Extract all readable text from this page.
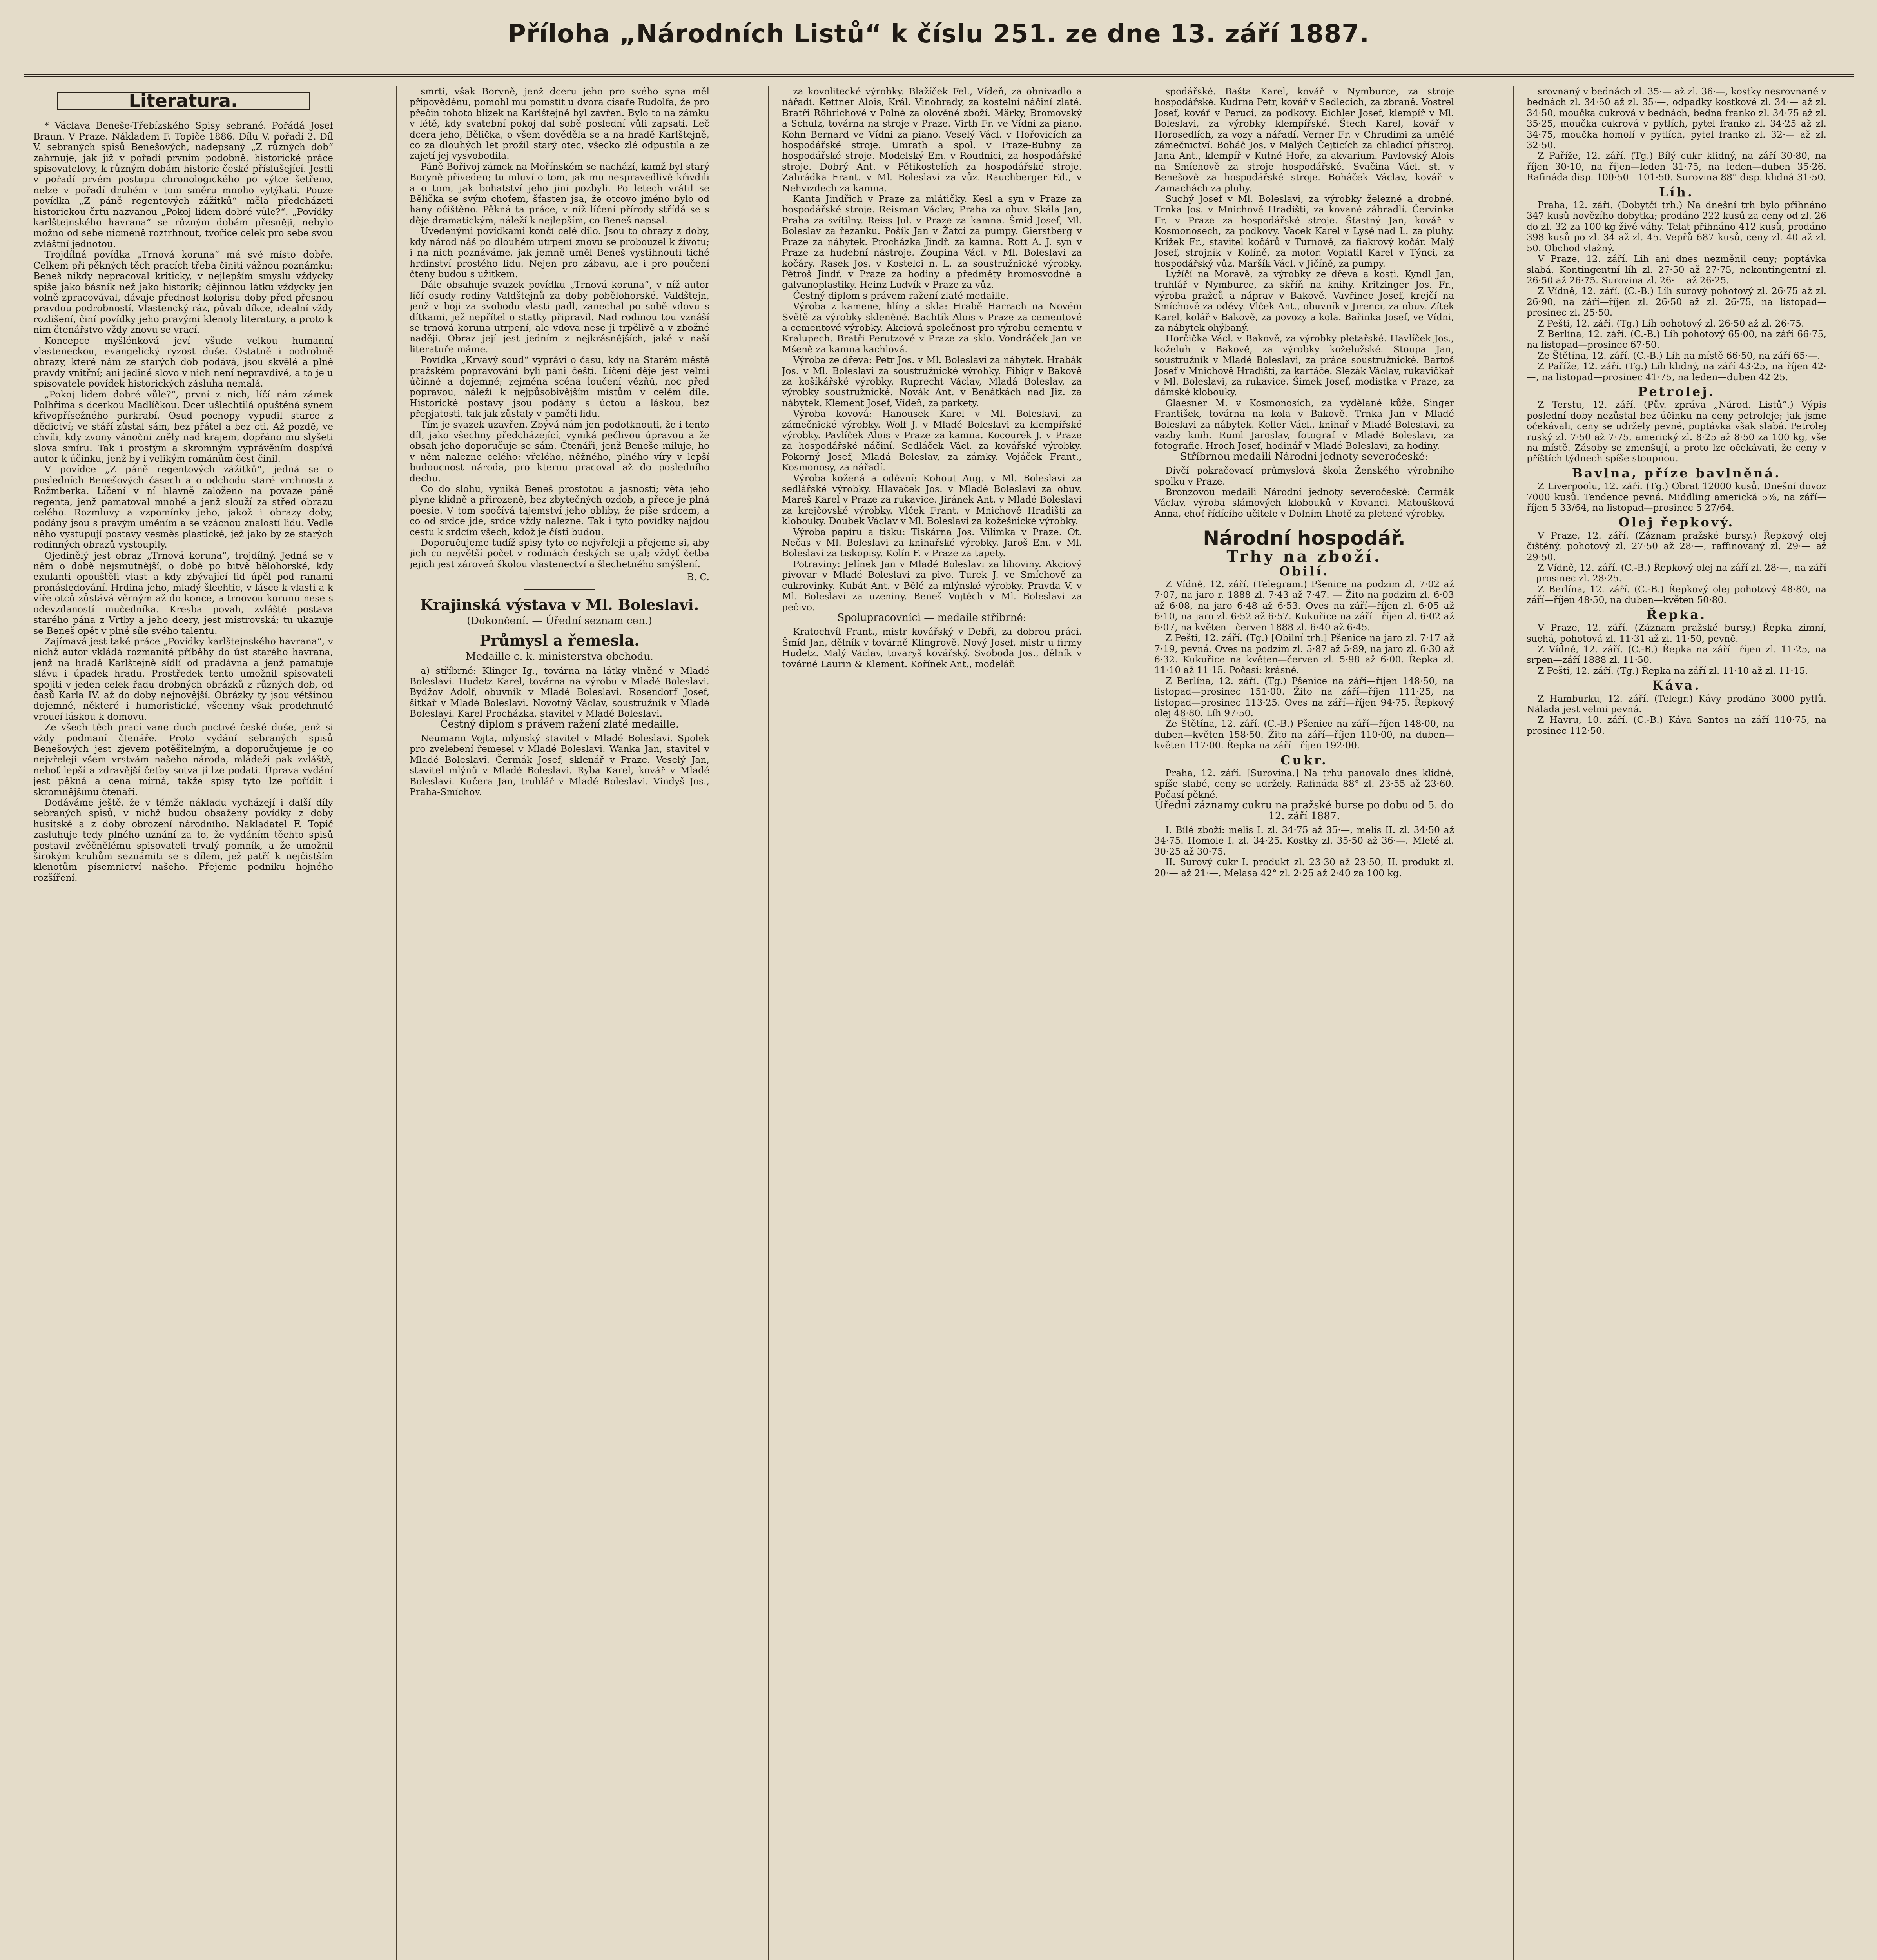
Příloha „Národních Listů“ k číslu 251. ze dne 13. září 1887.
Literatura.

* Václava Beneše-Třebízského Spisy sebrané. Pořádá Josef Braun. V Praze. Nákladem F. Topiče 1886. Dílu V. pořadí 2. Díl V. sebraných spisů Benešových, nadepsaný „Z různých dob“ zahrnuje, jak již v pořadí prvním podobně, historické práce spisovatelovy, k různým dobám historie české příslušející. Jestli v pořadí prvém postupu chronologického po výtce šetřeno, nelze v pořadí druhém v tom směru mnoho vytýkati. Pouze povídka „Z páně regentových zážitků“ měla předcházeti historickou črtu nazvanou „Pokoj lidem dobré vůle?“. „Povídky karlštejnského havrana“ se různým dobám přesněji, nebylo možno od sebe nicméně roztrhnout, tvoříce celek pro sebe svou zvláštní jednotou.

Trojdílná povídka „Trnová koruna“ má své místo dobře. Celkem při pěkných těch pracích třeba činiti vážnou poznámku: Beneš nikdy nepracoval kriticky, v nejlepším smyslu vždycky spíše jako básník než jako historik; dějinnou látku vždycky jen volně zpracovával, dávaje přednost kolorisu doby před přesnou pravdou podrobností. Vlastencký ráz, půvab díkce, idealní vždy rozlišení, činí povídky jeho pravými klenoty literatury, a proto k nim čtenářstvo vždy znovu se vrací.

Koncepce myšlénková jeví všude velkou humanní vlasteneckou, evangelický ryzost duše. Ostatně i podrobně obrazy, které nám ze starých dob podává, jsou skvělé a plné pravdy vnitřní; ani jediné slovo v nich není nepravdivé, a to je u spisovatele povídek historických zásluha nemalá.

„Pokoj lidem dobré vůle?“, první z nich, líčí nám zámek Polhřima s dcerkou Madlíčkou. Dcer ušlechtilá opuštěná synem křivopřísežného purkrabí. Osud pochopy vypudil starce z dědictví; ve stáří zůstal sám, bez přátel a bez cti. Až pozdě, ve chvíli, kdy zvony vánoční zněly nad krajem, dopřáno mu slyšeti slova smíru. Tak i prostým a skromným vyprávěním dospívá autor k účinku, jenž by i velikým románům čest činil.

V povídce „Z páně regentových zážitků“, jedná se o posledních Benešových časech a o odchodu staré vrchnosti z Rožmberka. Líčení v ní hlavně založeno na povaze páně regenta, jenž pamatoval mnohé a jenž slouží za střed obrazu celého. Rozmluvy a vzpomínky jeho, jakož i obrazy doby, podány jsou s pravým uměním a se vzácnou znalostí lidu. Vedle něho vystupují postavy vesměs plastické, jež jako by ze starých rodinných obrazů vystoupily.

Ojedinělý jest obraz „Trnová koruna“, trojdílný. Jedná se v něm o době nejsmutnější, o době po bitvě bělohorské, kdy exulanti opouštěli vlast a kdy zbývající lid úpěl pod ranami pronásledování. Hrdina jeho, mladý šlechtic, v lásce k vlasti a k víře otců zůstává věrným až do konce, a trnovou korunu nese s odevzdaností mučedníka. Kresba povah, zvláště postava starého pána z Vrtby a jeho dcery, jest mistrovská; tu ukazuje se Beneš opět v plné síle svého talentu.

Zajímavá jest také práce „Povídky karlštejnského havrana“, v nichž autor vkládá rozmanité příběhy do úst starého havrana, jenž na hradě Karlštejně sídlí od pradávna a jenž pamatuje slávu i úpadek hradu. Prostředek tento umožnil spisovateli spojiti v jeden celek řadu drobných obrázků z různých dob, od časů Karla IV. až do doby nejnovější. Obrázky ty jsou většinou dojemné, některé i humoristické, všechny však prodchnuté vroucí láskou k domovu.

Ze všech těch prací vane duch poctivé české duše, jenž si vždy podmaní čtenáře. Proto vydání sebraných spisů Benešových jest zjevem potěšitelným, a doporučujeme je co nejvřeleji všem vrstvám našeho národa, mládeži pak zvláště, neboť lepší a zdravější četby sotva jí lze podati. Úprava vydání jest pěkná a cena mírná, takže spisy tyto lze pořídit i skromnějšímu čtenáři.

Dodáváme ještě, že v témže nákladu vycházejí i další díly sebraných spisů, v nichž budou obsaženy povídky z doby husitské a z doby obrození národního. Nakladatel F. Topič zasluhuje tedy plného uznání za to, že vydáním těchto spisů postavil zvěčnělému spisovateli trvalý pomník, a že umožnil širokým kruhům seznámiti se s dílem, jež patří k nejčistším klenotům písemnictví našeho. Přejeme podniku hojného rozšíření.

smrti, však Boryně, jenž dceru jeho pro svého syna měl připovědénu, pomohl mu pomstít u dvora císaře Rudolfa, že pro přečin tohoto blízek na Karlštejně byl zavřen. Bylo to na zámku v létě, kdy svatební pokoj dal sobě poslední vůli zapsati. Leč dcera jeho, Bělička, o všem dověděla se a na hradě Karlštejně, co za dlouhých let prožil starý otec, všecko zlé odpustila a ze zajetí jej vysvobodila.

Páně Bořivoj zámek na Mořínském se nachází, kamž byl starý Boryně přiveden; tu mluví o tom, jak mu nespravedlivě křivdili a o tom, jak bohatství jeho jiní pozbyli. Po letech vrátil se Bělička se svým choťem, šťasten jsa, že otcovo jméno bylo od hany očištěno. Pěkná ta práce, v níž líčení přírody střídá se s děje dramatickým, náleží k nejlepším, co Beneš napsal.

Uvedenými povídkami končí celé dílo. Jsou to obrazy z doby, kdy národ náš po dlouhém utrpení znovu se probouzel k životu; i na nich poznáváme, jak jemně uměl Beneš vystihnouti tiché hrdinství prostého lidu. Nejen pro zábavu, ale i pro poučení čteny budou s užitkem.

Dále obsahuje svazek povídku „Trnová koruna“, v níž autor líčí osudy rodiny Valdštejnů za doby pobělohorské. Valdštejn, jenž v boji za svobodu vlasti padl, zanechal po sobě vdovu s dítkami, jež nepřítel o statky připravil. Nad rodinou tou vznáší se trnová koruna utrpení, ale vdova nese ji trpělivě a v zbožné naději. Obraz její jest jedním z nejkrásnějších, jaké v naší literatuře máme.

Povídka „Krvavý soud“ vypráví o času, kdy na Starém městě pražském popravováni byli páni čeští. Líčení děje jest velmi účinné a dojemné; zejména scéna loučení vězňů, noc před popravou, náleží k nejpůsobivějším místům v celém díle. Historické postavy jsou podány s úctou a láskou, bez přepjatosti, tak jak zůstaly v paměti lidu.

Tím je svazek uzavřen. Zbývá nám jen podotknouti, že i tento díl, jako všechny předcházející, vyniká pečlivou úpravou a že obsah jeho doporučuje se sám. Čtenáři, jenž Beneše miluje, ho v něm nalezne celého: vřelého, něžného, plného víry v lepší budoucnost národa, pro kterou pracoval až do posledního dechu.

Co do slohu, vyniká Beneš prostotou a jasností; věta jeho plyne klidně a přirozeně, bez zbytečných ozdob, a přece je plná poesie. V tom spočívá tajemství jeho obliby, že píše srdcem, a co od srdce jde, srdce vždy nalezne. Tak i tyto povídky najdou cestu k srdcím všech, kdož je čísti budou.

Doporučujeme tudíž spisy tyto co nejvřeleji a přejeme si, aby jich co největší počet v rodinách českých se ujal; vždyť četba jejich jest zároveň školou vlastenectví a šlechetného smýšlení.

B. C.
Krajinská výstava v Ml. Boleslavi.
(Dokončení. — Úřední seznam cen.)
Průmysl a řemesla.
Medaille c. k. ministerstva obchodu.

a) stříbrné: Klinger Ig., továrna na látky vlněné v Mladé Boleslavi. Hudetz Karel, továrna na výrobu v Mladé Boleslavi. Bydžov Adolf, obuvník v Mladé Boleslavi. Rosendorf Josef, šitkař v Mladé Boleslavi. Novotný Václav, soustružník v Mladé Boleslavi. Karel Procházka, stavitel v Mladé Boleslavi.

Čestný diplom s právem ražení zlaté medaille.

Neumann Vojta, mlýnský stavitel v Mladé Boleslavi. Spolek pro zvelebení řemesel v Mladé Boleslavi. Wanka Jan, stavitel v Mladé Boleslavi. Čermák Josef, sklenář v Praze. Veselý Jan, stavitel mlýnů v Mladé Boleslavi. Ryba Karel, kovář v Mladé Boleslavi. Kučera Jan, truhlář v Mladé Boleslavi. Vindyš Jos., Praha-Smíchov.

za kovolitecké výrobky. Blažíček Fel., Vídeň, za obnivadlo a nářadí. Kettner Alois, Král. Vinohrady, za kostelní náčiní zlaté. Bratři Röhrichové v Polné za olověné zboží. Märky, Bromovský a Schulz, továrna na stroje v Praze. Virth Fr. ve Vídni za piano. Kohn Bernard ve Vídni za piano. Veselý Václ. v Hořovicích za hospodářské stroje. Umrath a spol. v Praze-Bubny za hospodářské stroje. Modelský Em. v Roudnici, za hospodářské stroje. Dobrý Ant. v Pětikostelích za hospodářské stroje. Zahrádka Frant. v Ml. Boleslavi za vůz. Rauchberger Ed., v Nehvizdech za kamna.

Kanta Jindřich v Praze za mlátičky. Kesl a syn v Praze za hospodářské stroje. Reisman Václav, Praha za obuv. Skála Jan, Praha za svítilny. Reiss Jul. v Praze za kamna. Šmid Josef, Ml. Boleslav za řezanku. Pošík Jan v Žatci za pumpy. Gierstberg v Praze za nábytek. Procházka Jindř. za kamna. Rott A. J. syn v Praze za hudební nástroje. Zoupina Václ. v Ml. Boleslavi za kočáry. Rasek Jos. v Kostelci n. L. za soustružnické výrobky. Pětroš Jindř. v Praze za hodiny a předměty hromosvodné a galvanoplastiky. Heinz Ludvík v Praze za vůz.

Čestný diplom s právem ražení zlaté medaille.

Výroba z kamene, hlíny a skla: Hrabě Harrach na Novém Světě za výrobky skleněné. Bachtík Alois v Praze za cementové a cementové výrobky. Akciová společnost pro výrobu cementu v Kralupech. Bratři Perutzové v Praze za sklo. Vondráček Jan ve Mšeně za kamna kachlová.

Výroba ze dřeva: Petr Jos. v Ml. Boleslavi za nábytek. Hrabák Jos. v Ml. Boleslavi za soustružnické výrobky. Fibigr v Bakově za košíkářské výrobky. Ruprecht Václav, Mladá Boleslav, za výrobky soustružnické. Novák Ant. v Benátkách nad Jiz. za nábytek. Klement Josef, Vídeň, za parkety.

Výroba kovová: Hanousek Karel v Ml. Boleslavi, za zámečnické výrobky. Wolf J. v Mladé Boleslavi za klempířské výrobky. Pavlíček Alois v Praze za kamna. Kocourek J. v Praze za hospodářské náčiní. Sedláček Václ. za kovářské výrobky. Pokorný Josef, Mladá Boleslav, za zámky. Vojáček Frant., Kosmonosy, za nářadí.

Výroba kožená a oděvní: Kohout Aug. v Ml. Boleslavi za sedlářské výrobky. Hlaváček Jos. v Mladé Boleslavi za obuv. Mareš Karel v Praze za rukavice. Jiránek Ant. v Mladé Boleslavi za krejčovské výrobky. Vlček Frant. v Mnichově Hradišti za klobouky. Doubek Václav v Ml. Boleslavi za kožešnické výrobky.

Výroba papíru a tisku: Tiskárna Jos. Vilímka v Praze. Ot. Nečas v Ml. Boleslavi za knihařské výrobky. Jaroš Em. v Ml. Boleslavi za tiskopisy. Kolín F. v Praze za tapety.

Potraviny: Jelínek Jan v Mladé Boleslavi za lihoviny. Akciový pivovar v Mladé Boleslavi za pivo. Turek J. ve Smíchově za cukrovinky. Kubát Ant. v Bělé za mlýnské výrobky. Pravda V. v Ml. Boleslavi za uzeniny. Beneš Vojtěch v Ml. Boleslavi za pečivo.

Spolupracovníci — medaile stříbrné:

Kratochvíl Frant., mistr kovářský v Debři, za dobrou práci. Šmíd Jan, dělník v továrně Klingrově. Nový Josef, mistr u firmy Hudetz. Malý Václav, tovaryš kovářský. Svoboda Jos., dělník v továrně Laurin & Klement. Kořínek Ant., modelář.

spodářské. Bašta Karel, kovář v Nymburce, za stroje hospodářské. Kudrna Petr, kovář v Sedlecích, za zbraně. Vostrel Josef, kovář v Peruci, za podkovy. Eichler Josef, klempíř v Ml. Boleslavi, za výrobky klempířské. Štech Karel, kovář v Horosedlích, za vozy a nářadí. Verner Fr. v Chrudimi za umělé zámečnictví. Boháč Jos. v Malých Čejticích za chladicí přístroj. Jana Ant., klempíř v Kutné Hoře, za akvarium. Pavlovský Alois na Smíchově za stroje hospodářské. Svačina Václ. st. v Benešově za hospodářské stroje. Boháček Václav, kovář v Zamachách za pluhy.

Suchý Josef v Ml. Boleslavi, za výrobky železné a drobné. Trnka Jos. v Mnichově Hradišti, za kované zábradlí. Červinka Fr. v Praze za hospodářské stroje. Šťastný Jan, kovář v Kosmonosech, za podkovy. Vacek Karel v Lysé nad L. za pluhy. Krížek Fr., stavitel kočárů v Turnově, za fiakrový kočár. Malý Josef, strojník v Kolíně, za motor. Voplatil Karel v Týnci, za hospodářský vůz. Maršík Václ. v Jičíně, za pumpy.

Lyžíčí na Moravě, za výrobky ze dřeva a kosti. Kyndl Jan, truhlář v Nymburce, za skříň na knihy. Kritzinger Jos. Fr., výroba pražců a náprav v Bakově. Vavřinec Josef, krejčí na Smíchově za oděvy. Vlček Ant., obuvník v Jirenci, za obuv. Zítek Karel, kolář v Bakově, za povozy a kola. Bařinka Josef, ve Vídni, za nábytek ohýbaný.

Horčička Václ. v Bakově, za výrobky pletařské. Havlíček Jos., koželuh v Bakově, za výrobky koželužské. Stoupa Jan, soustružník v Mladé Boleslavi, za práce soustružnické. Bartoš Josef v Mnichově Hradišti, za kartáče. Slezák Václav, rukavičkář v Ml. Boleslavi, za rukavice. Šimek Josef, modistka v Praze, za dámské klobouky.

Glaesner M. v Kosmonosích, za vydělané kůže. Singer František, továrna na kola v Bakově. Trnka Jan v Mladé Boleslavi za nábytek. Koller Václ., knihař v Mladé Boleslavi, za vazby knih. Ruml Jaroslav, fotograf v Mladé Boleslavi, za fotografie. Hroch Josef, hodinář v Mladé Boleslavi, za hodiny.

Stříbrnou medaili Národní jednoty severočeské:

Dívčí pokračovací průmyslová škola Ženského výrobního spolku v Praze.

Bronzovou medaili Národní jednoty severočeské: Čermák Václav, výroba slámových klobouků v Kovanci. Matoušková Anna, choť řídícího učitele v Dolním Lhotě za pletené výrobky.

Národní hospodář.
Trhy na zboží.
Obilí.

Z Vídně, 12. září. (Telegram.) Pšenice na podzim zl. 7·02 až 7·07, na jaro r. 1888 zl. 7·43 až 7·47. — Žito na podzim zl. 6·03 až 6·08, na jaro 6·48 až 6·53. Oves na září—říjen zl. 6·05 až 6·10, na jaro zl. 6·52 až 6·57. Kukuřice na září—říjen zl. 6·02 až 6·07, na květen—červen 1888 zl. 6·40 až 6·45.

Z Pešti, 12. září. (Tg.) [Obilní trh.] Pšenice na jaro zl. 7·17 až 7·19, pevná. Oves na podzim zl. 5·87 až 5·89, na jaro zl. 6·30 až 6·32. Kukuřice na květen—červen zl. 5·98 až 6·00. Řepka zl. 11·10 až 11·15. Počasí: krásné.

Z Berlína, 12. září. (Tg.) Pšenice na září—říjen 148·50, na listopad—prosinec 151·00. Žito na září—říjen 111·25, na listopad—prosinec 113·25. Oves na září—říjen 94·75. Řepkový olej 48·80. Líh 97·50.

Ze Štětína, 12. září. (C.-B.) Pšenice na září—říjen 148·00, na duben—květen 158·50. Žito na září—říjen 110·00, na duben—květen 117·00. Řepka na září—říjen 192·00.

Cukr.

Praha, 12. září. [Surovina.] Na trhu panovalo dnes klidné, spíše slabé, ceny se udržely. Rafináda 88° zl. 23·55 až 23·60. Počasí pěkné.

Úřední záznamy cukru na pražské burse po dobu od 5. do 12. září 1887.

I. Bílé zboží: melis I. zl. 34·75 až 35·—, melis II. zl. 34·50 až 34·75. Homole I. zl. 34·25. Kostky zl. 35·50 až 36·—. Mleté zl. 30·25 až 30·75.

II. Surový cukr I. produkt zl. 23·30 až 23·50, II. produkt zl. 20·— až 21·—. Melasa 42° zl. 2·25 až 2·40 za 100 kg.

srovnaný v bednách zl. 35·— až zl. 36·—, kostky nesrovnané v bednách zl. 34·50 až zl. 35·—, odpadky kostkové zl. 34·— až zl. 34·50, moučka cukrová v bednách, bedna franko zl. 34·75 až zl. 35·25, moučka cukrová v pytlích, pytel franko zl. 34·25 až zl. 34·75, moučka homolí v pytlích, pytel franko zl. 32·— až zl. 32·50.

Z Paříže, 12. září. (Tg.) Bílý cukr klidný, na září 30·80, na říjen 30·10, na říjen—leden 31·75, na leden—duben 35·26. Rafináda disp. 100·50—101·50. Surovina 88° disp. klidná 31·50.

Líh.

Praha, 12. září. (Dobytčí trh.) Na dnešní trh bylo přihnáno 347 kusů hovězího dobytka; prodáno 222 kusů za ceny od zl. 26 do zl. 32 za 100 kg živé váhy. Telat přihnáno 412 kusů, prodáno 398 kusů po zl. 34 až zl. 45. Vepřů 687 kusů, ceny zl. 40 až zl. 50. Obchod vlažný.

V Praze, 12. září. Lih ani dnes nezměnil ceny; poptávka slabá. Kontingentní líh zl. 27·50 až 27·75, nekontingentní zl. 26·50 až 26·75. Surovina zl. 26·— až 26·25.

Z Vídně, 12. září. (C.-B.) Líh surový pohotový zl. 26·75 až zl. 26·90, na září—říjen zl. 26·50 až zl. 26·75, na listopad—prosinec zl. 25·50.

Z Pešti, 12. září. (Tg.) Líh pohotový zl. 26·50 až zl. 26·75.

Z Berlína, 12. září. (C.-B.) Líh pohotový 65·00, na září 66·75, na listopad—prosinec 67·50.

Ze Štětína, 12. září. (C.-B.) Líh na místě 66·50, na září 65·—.

Z Paříže, 12. září. (Tg.) Líh klidný, na září 43·25, na říjen 42·—, na listopad—prosinec 41·75, na leden—duben 42·25.

Petrolej.

Z Terstu, 12. září. (Pův. zpráva „Národ. Listů“.) Výpis poslední doby nezůstal bez účinku na ceny petroleje; jak jsme očekávali, ceny se udržely pevné, poptávka však slabá. Petrolej ruský zl. 7·50 až 7·75, americký zl. 8·25 až 8·50 za 100 kg, vše na místě. Zásoby se zmenšují, a proto lze očekávati, že ceny v příštích týdnech spíše stoupnou.

Bavlna, příze bavlněná.

Z Liverpoolu, 12. září. (Tg.) Obrat 12000 kusů. Dnešní dovoz 7000 kusů. Tendence pevná. Middling americká 5⅝, na září—říjen 5 33/64, na listopad—prosinec 5 27/64.

Olej řepkový.

V Praze, 12. září. (Záznam pražské bursy.) Řepkový olej čištěný, pohotový zl. 27·50 až 28·—, raffinovaný zl. 29·— až 29·50.

Z Vídně, 12. září. (C.-B.) Řepkový olej na září zl. 28·—, na září—prosinec zl. 28·25.

Z Berlína, 12. září. (C.-B.) Řepkový olej pohotový 48·80, na září—říjen 48·50, na duben—květen 50·80.

Řepka.

V Praze, 12. září. (Záznam pražské bursy.) Řepka zimní, suchá, pohotová zl. 11·31 až zl. 11·50, pevně.

Z Vídně, 12. září. (C.-B.) Řepka na září—říjen zl. 11·25, na srpen—září 1888 zl. 11·50.

Z Pešti, 12. září. (Tg.) Řepka na září zl. 11·10 až zl. 11·15.

Káva.

Z Hamburku, 12. září. (Telegr.) Kávy prodáno 3000 pytlů. Nálada jest velmi pevná.

Z Havru, 10. září. (C.-B.) Káva Santos na září 110·75, na prosinec 112·50.
